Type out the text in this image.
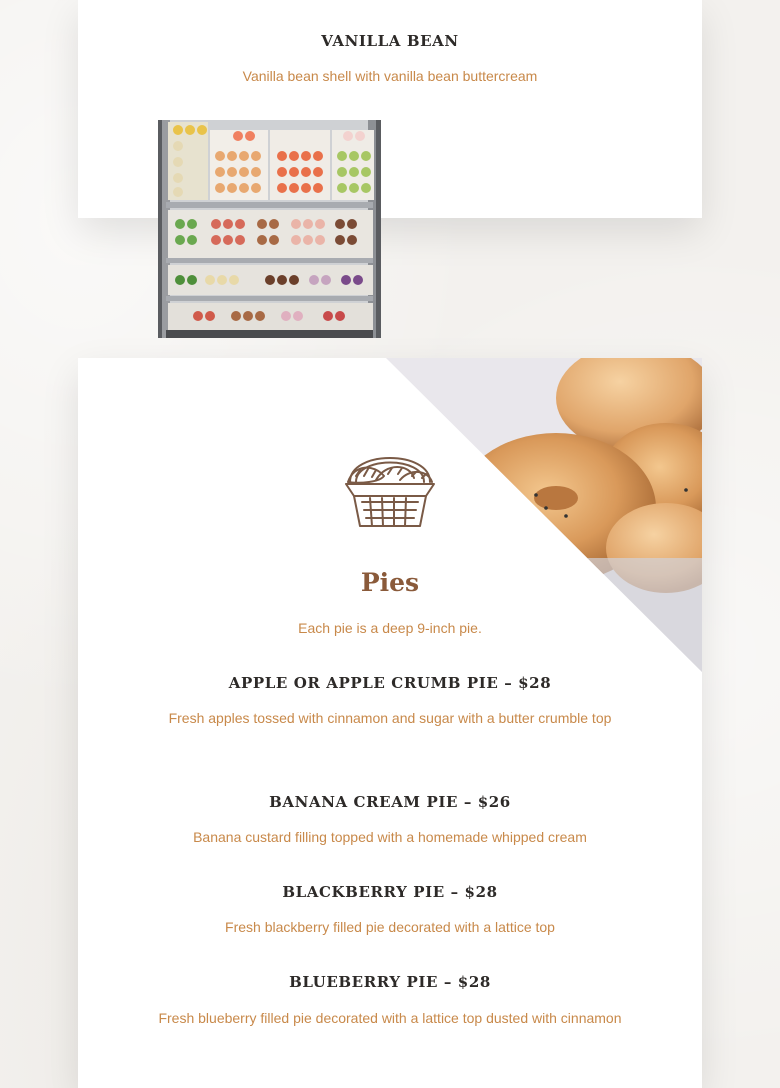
VANILLA BEAN

Vanilla bean shell with vanilla bean buttercream

Pies

Each pie is a deep 9-inch pie.

APPLE OR APPLE CRUMB PIE – $28

Fresh apples tossed with cinnamon and sugar with a butter crumble top

BANANA CREAM PIE – $26

Banana custard filling topped with a homemade whipped cream

BLACKBERRY PIE – $28

Fresh blackberry filled pie decorated with a lattice top

BLUEBERRY PIE – $28

Fresh blueberry filled pie decorated with a lattice top dusted with cinnamon
